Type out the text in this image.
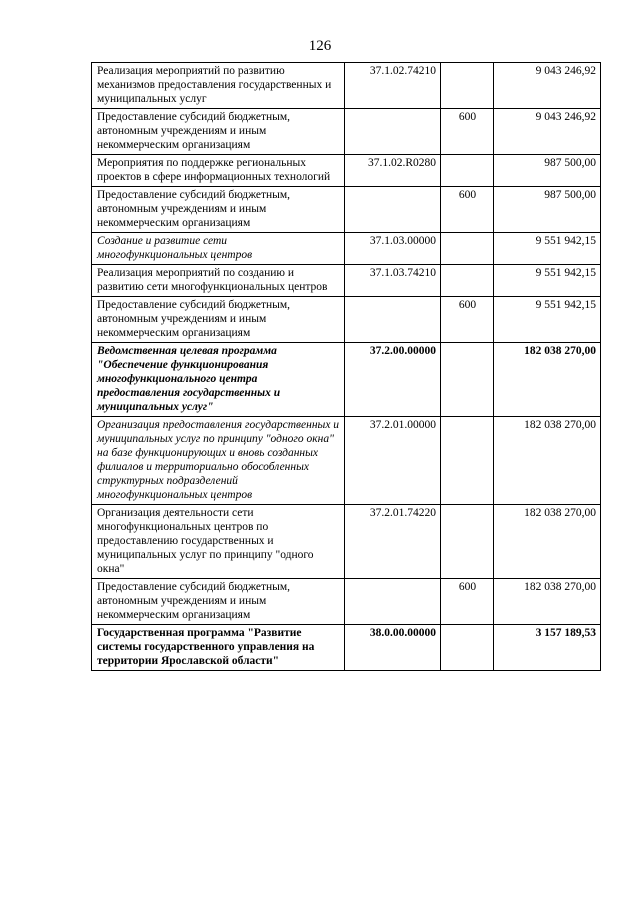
126
Реализация мероприятий по развитию механизмов предоставления государственных и муниципальных услуг	37.1.02.74210		9 043 246,92
Предоставление субсидий бюджетным, автономным учреждениям и иным некоммерческим организациям		600	9 043 246,92
Мероприятия по поддержке региональных проектов в сфере информационных технологий	37.1.02.R0280		987 500,00
Предоставление субсидий бюджетным, автономным учреждениям и иным некоммерческим организациям		600	987 500,00
Создание и развитие сети многофункциональных центров	37.1.03.00000		9 551 942,15
Реализация мероприятий по созданию и развитию сети многофункциональных центров	37.1.03.74210		9 551 942,15
Предоставление субсидий бюджетным, автономным учреждениям и иным некоммерческим организациям		600	9 551 942,15
Ведомственная целевая программа "Обеспечение функционирования многофункционального центра предоставления государственных и муниципальных услуг"	37.2.00.00000		182 038 270,00
Организация предоставления государственных и муниципальных услуг по принципу "одного окна" на базе функционирующих и вновь созданных филиалов и территориально обособленных структурных подразделений многофункциональных центров	37.2.01.00000		182 038 270,00
Организация деятельности сети многофункциональных центров по предоставлению государственных и муниципальных услуг по принципу "одного окна"	37.2.01.74220		182 038 270,00
Предоставление субсидий бюджетным, автономным учреждениям и иным некоммерческим организациям		600	182 038 270,00
Государственная программа "Развитие системы государственного управления на территории Ярославской области"	38.0.00.00000		3 157 189,53
